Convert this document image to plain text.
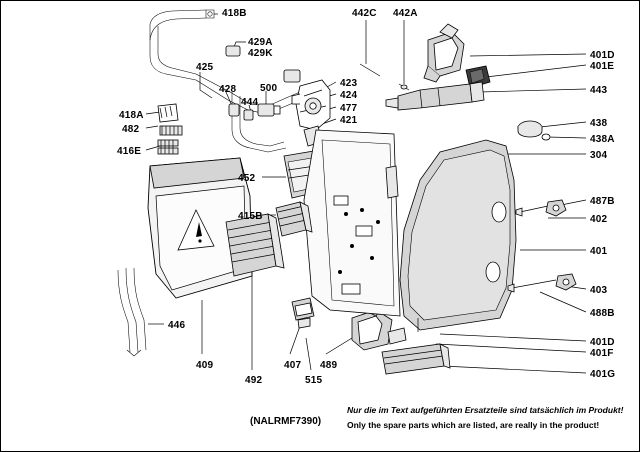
418B	442C 442A
401D
401E
429A
429K
425
423
443
428 500
424
444
477
421
418A
438
482
438A
416E	304
452
487B
415B	402
401
403
488B
446
401D
401F
409	407 489
401G
492	515
(NALRMF7390)
Nur die im Text aufgeführten Ersatzteile sind tatsächlich im Produkt!
Only the spare parts which are listed, are really in the product!
